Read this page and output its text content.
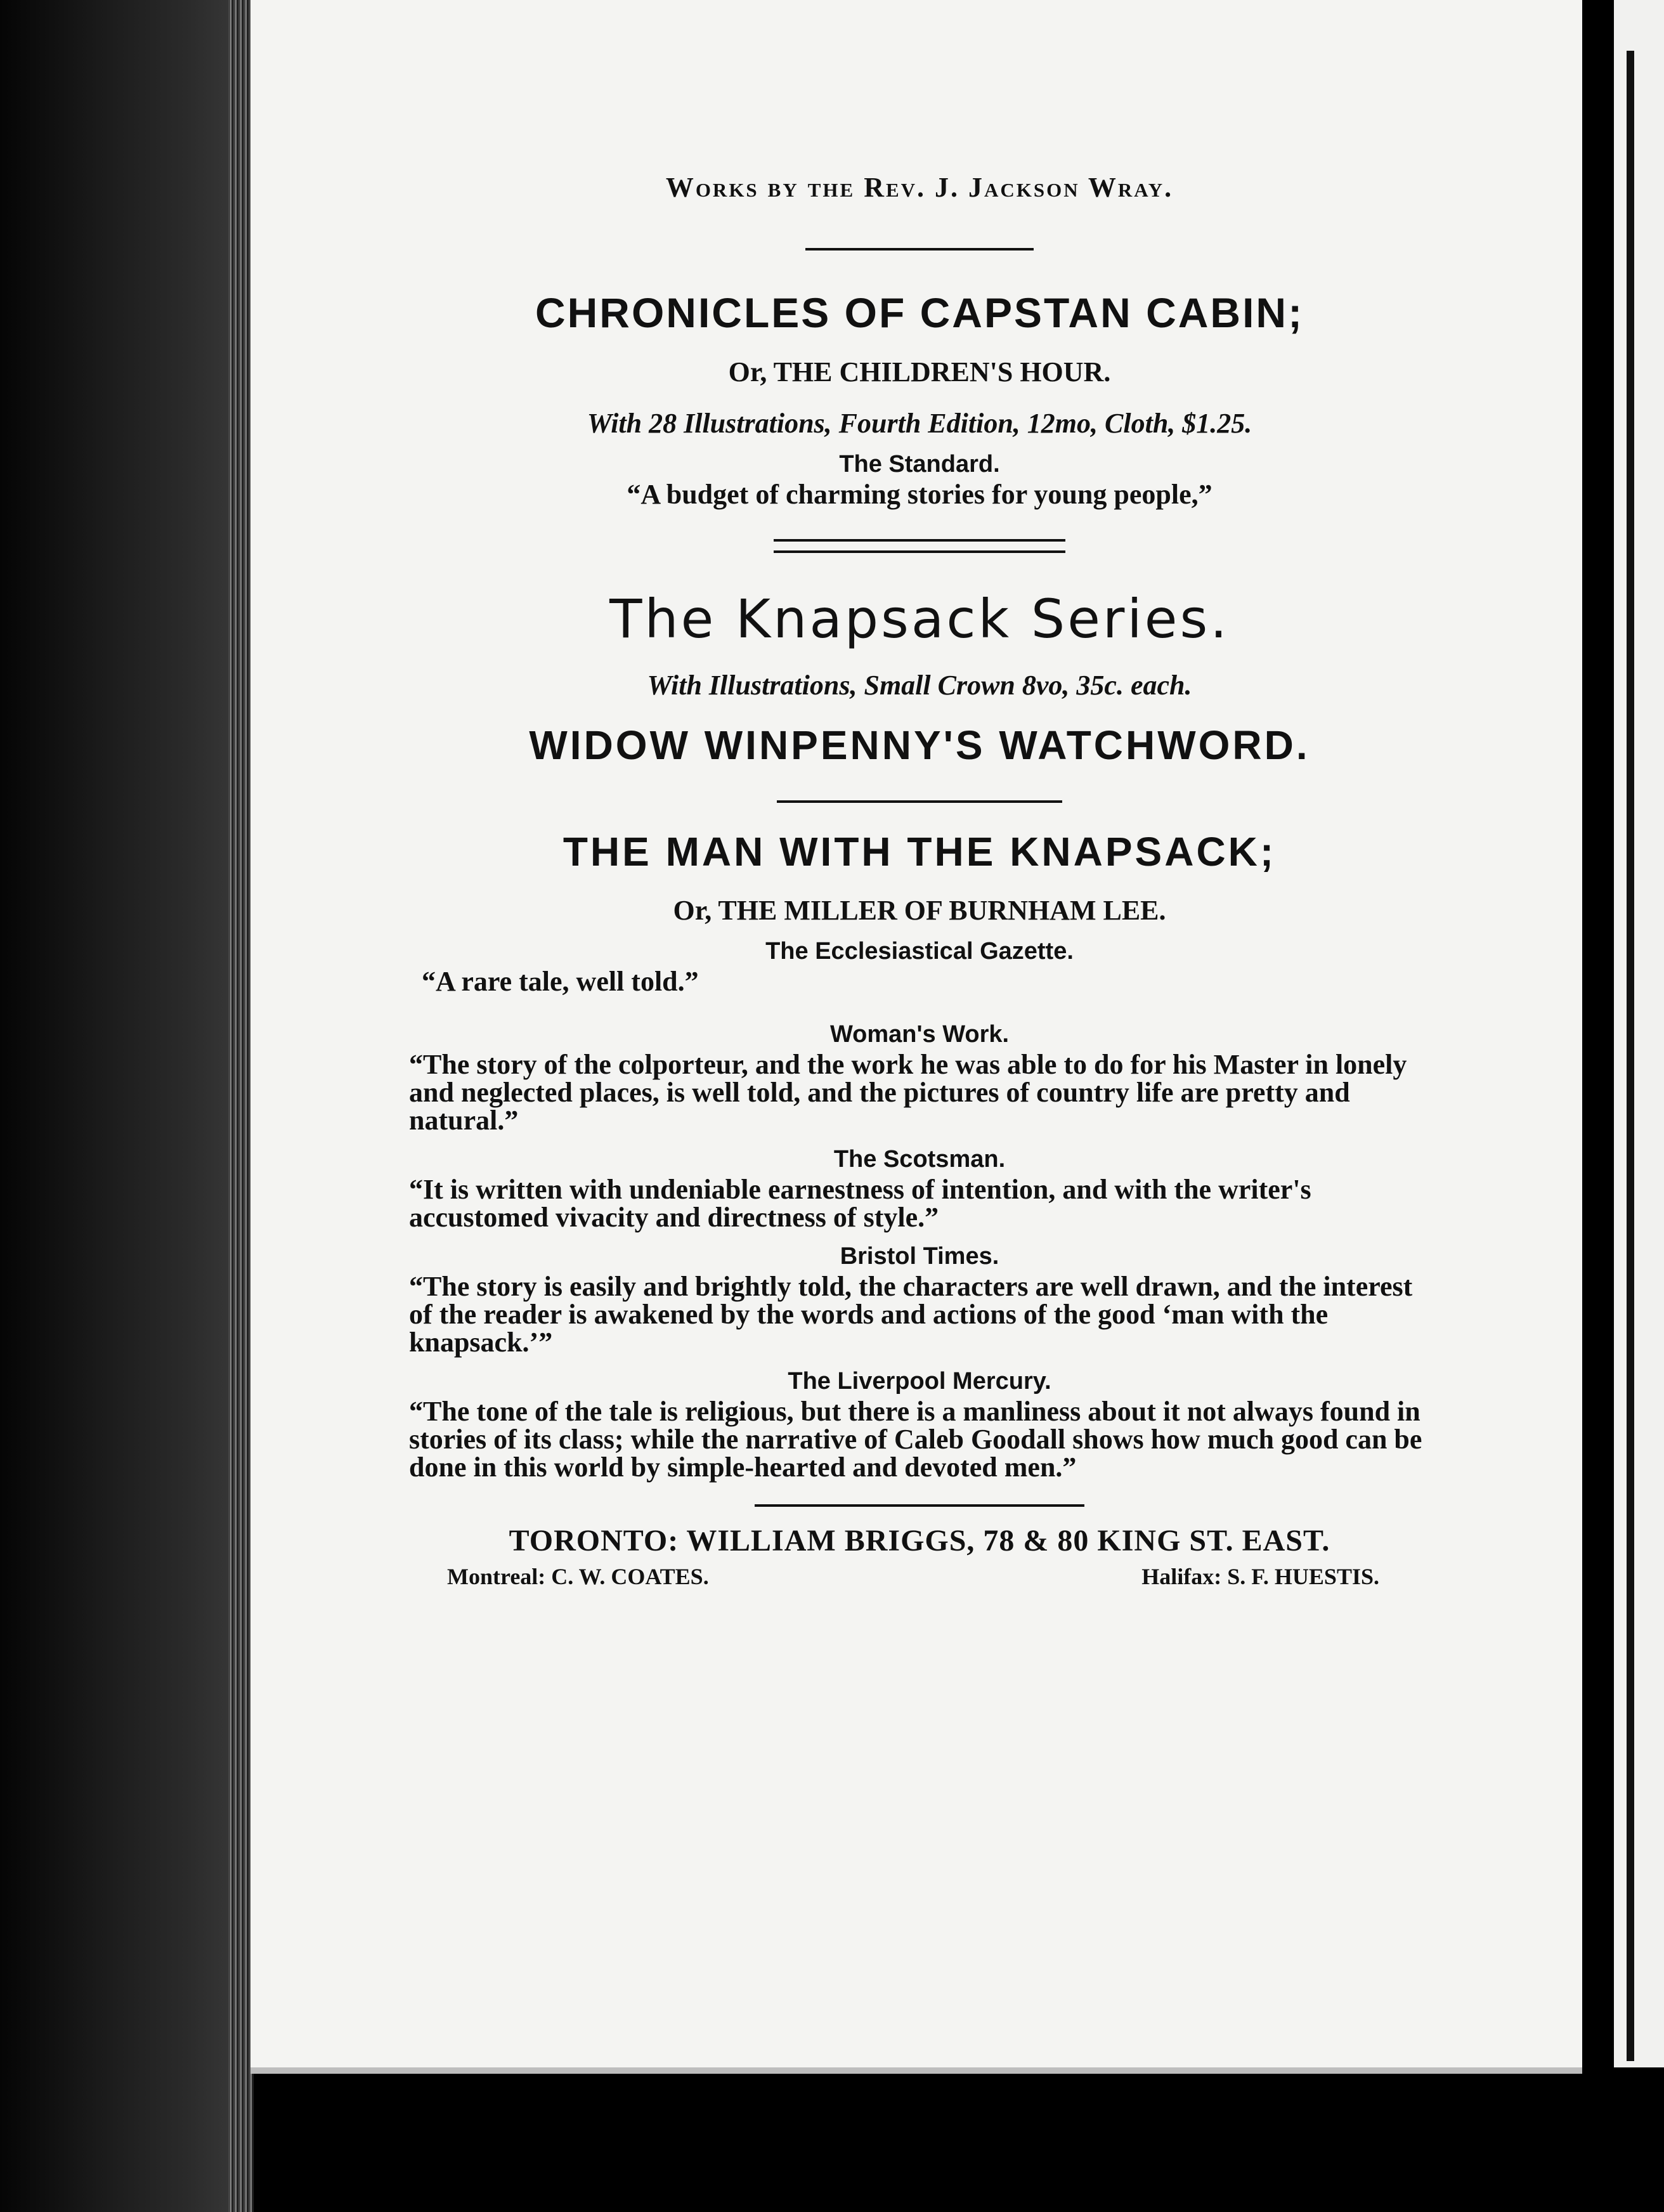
Works by the Rev. J. Jackson Wray.
CHRONICLES OF CAPSTAN CABIN;
Or, THE CHILDREN'S HOUR.
With 28 Illustrations, Fourth Edition, 12mo, Cloth, $1.25.
The Standard.
“A budget of charming stories for young people,”
The Knapsack Series.
With Illustrations, Small Crown 8vo, 35c. each.
WIDOW WINPENNY'S WATCHWORD.
THE MAN WITH THE KNAPSACK;
Or, THE MILLER OF BURNHAM LEE.
The Ecclesiastical Gazette.
“A rare tale, well told.”
Woman's Work.
“The story of the colporteur, and the work he was able to do for his Master in lonely and neglected places, is well told, and the pictures of country life are pretty and natural.”
The Scotsman.
“It is written with undeniable earnestness of intention, and with the writer's accustomed vivacity and directness of style.”
Bristol Times.
“The story is easily and brightly told, the characters are well drawn, and the interest of the reader is awakened by the words and actions of the good ‘man with the knapsack.’”
The Liverpool Mercury.
“The tone of the tale is religious, but there is a manliness about it not always found in stories of its class; while the narrative of Caleb Goodall shows how much good can be done in this world by simple-hearted and devoted men.”
TORONTO: WILLIAM BRIGGS, 78 & 80 KING ST. EAST.
Montreal: C. W. COATES.	Halifax: S. F. HUESTIS.
